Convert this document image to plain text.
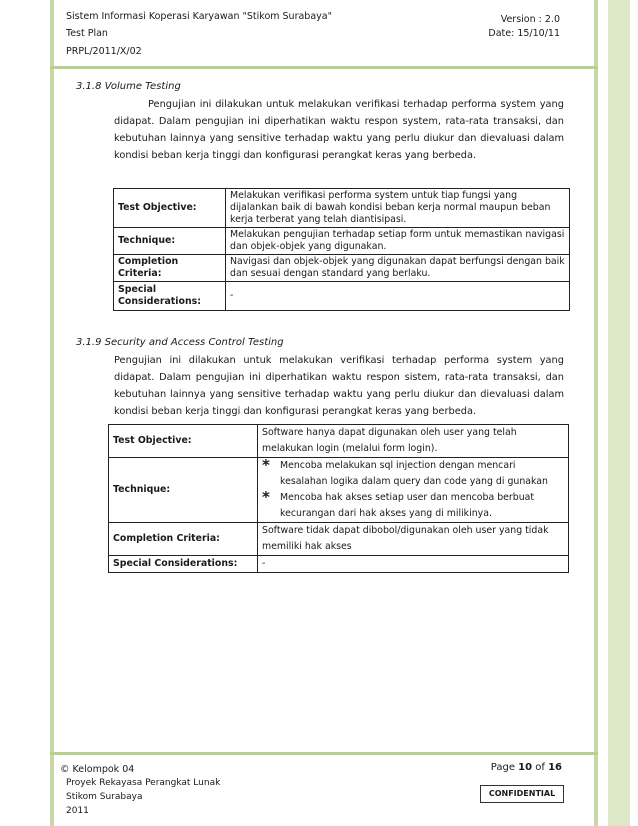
Sistem Informasi Koperasi Karyawan "Stikom Surabaya"
Test Plan
PRPL/2011/X/02
Version : 2.0
Date: 15/10/11
3.1.8 Volume Testing
Pengujian ini dilakukan untuk melakukan verifikasi terhadap performa system yang didapat. Dalam pengujian ini diperhatikan waktu respon system, rata-rata transaksi, dan kebutuhan lainnya yang sensitive terhadap waktu yang perlu diukur dan dievaluasi dalam kondisi beban kerja tinggi dan konfigurasi perangkat keras yang berbeda.
Test Objective:	Melakukan verifikasi performa system untuk tiap fungsi yang dijalankan baik di bawah kondisi beban kerja normal maupun beban kerja terberat yang telah diantisipasi.
Technique:	Melakukan pengujian terhadap setiap form untuk memastikan navigasi dan objek-objek yang digunakan.
Completion Criteria:	Navigasi dan objek-objek yang digunakan dapat berfungsi dengan baik dan sesuai dengan standard yang berlaku.

Special
Considerations:	-
3.1.9 Security and Access Control Testing
Pengujian ini dilakukan untuk melakukan verifikasi terhadap performa system yang didapat. Dalam pengujian ini diperhatikan waktu respon sistem, rata-rata transaksi, dan kebutuhan lainnya yang sensitive terhadap waktu yang perlu diukur dan dievaluasi dalam kondisi beban kerja tinggi dan konfigurasi perangkat keras yang berbeda.
Test Objective:	Software hanya dapat digunakan oleh user yang telah melakukan login (melalui form login).
Technique:	* Mencoba melakukan sql injection dengan mencari kesalahan logika dalam query dan code yang di gunakan
* Mencoba hak akses setiap user dan mencoba berbuat kecurangan dari hak akses yang di milikinya.

Completion Criteria:	Software tidak dapat dibobol/digunakan oleh user yang tidak memiliki hak akses
Special Considerations:	-
© Kelompok 04
Proyek Rekayasa Perangkat Lunak
Stikom Surabaya
2011
Page 10 of 16
CONFIDENTIAL
